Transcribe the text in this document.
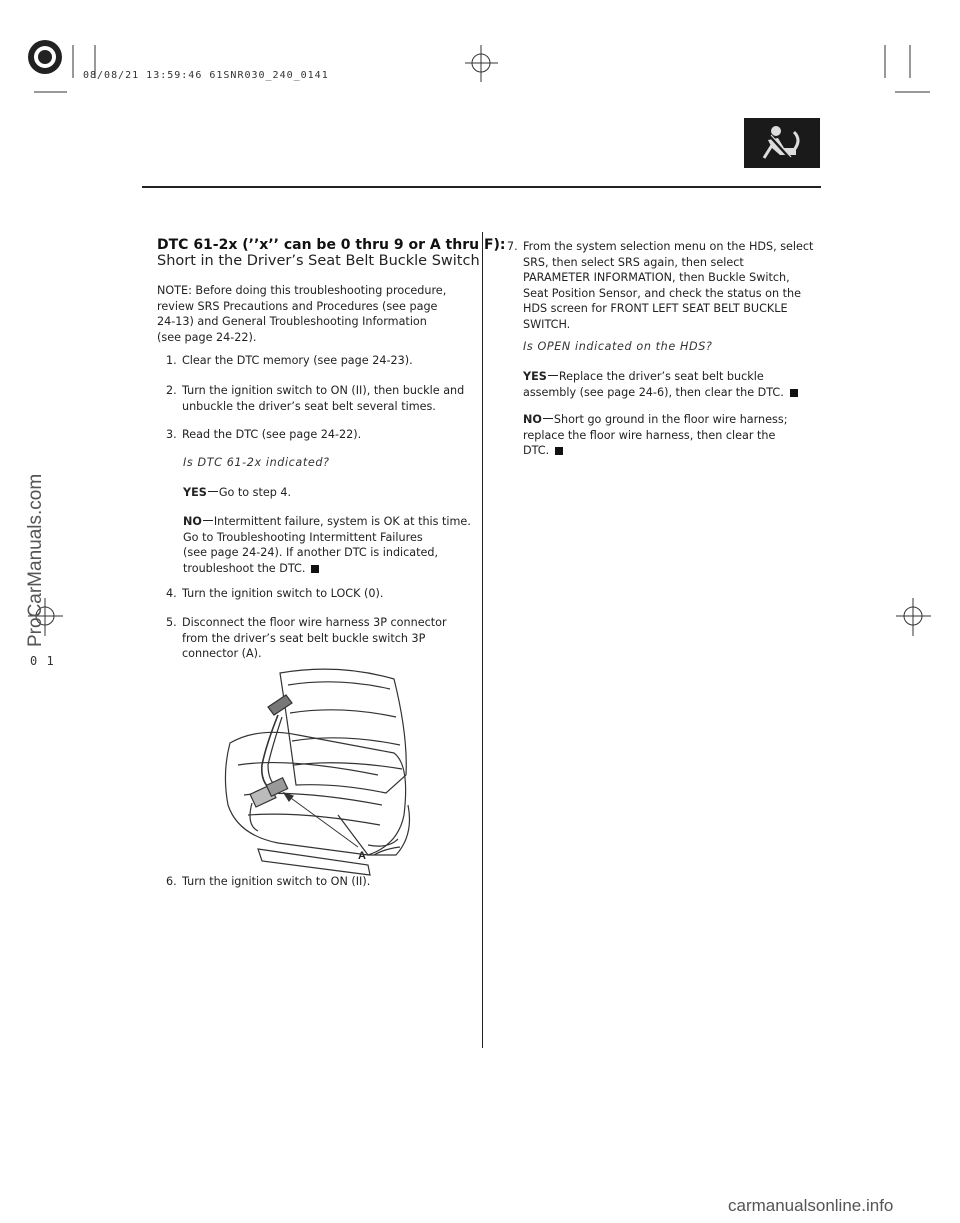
08/08/21 13:59:46 61SNR030_240_0141
ProCarManuals.com
0 1
carmanualsonline.info
DTC 61-2x (’’x’’ can be 0 thru 9 or A thru F):
Short in the Driver’s Seat Belt Buckle Switch
NOTE: Before doing this troubleshooting procedure,
review SRS Precautions and Procedures (see page
24-13) and General Troubleshooting Information
(see page 24-22).
1. Clear the DTC memory (see page 24-23).
2. Turn the ignition switch to ON (II), then buckle and
unbuckle the driver’s seat belt several times.
3. Read the DTC (see page 24-22).
Is DTC 61-2x indicated?
YES Go to step 4.
NO Intermittent failure, system is OK at this time.
Go to Troubleshooting Intermittent Failures
(see page 24-24). If another DTC is indicated,
troubleshoot the DTC.
4. Turn the ignition switch to LOCK (0).
5. Disconnect the floor wire harness 3P connector
from the driver’s seat belt buckle switch 3P
connector (A).
A
6. Turn the ignition switch to ON (II).
7. From the system selection menu on the HDS, select
SRS, then select SRS again, then select
PARAMETER INFORMATION, then Buckle Switch,
Seat Position Sensor, and check the status on the
HDS screen for FRONT LEFT SEAT BELT BUCKLE
SWITCH.
Is OPEN indicated on the HDS?
YES Replace the driver’s seat belt buckle
assembly (see page 24-6), then clear the DTC.
NO Short go ground in the floor wire harness;
replace the floor wire harness, then clear the
DTC.
